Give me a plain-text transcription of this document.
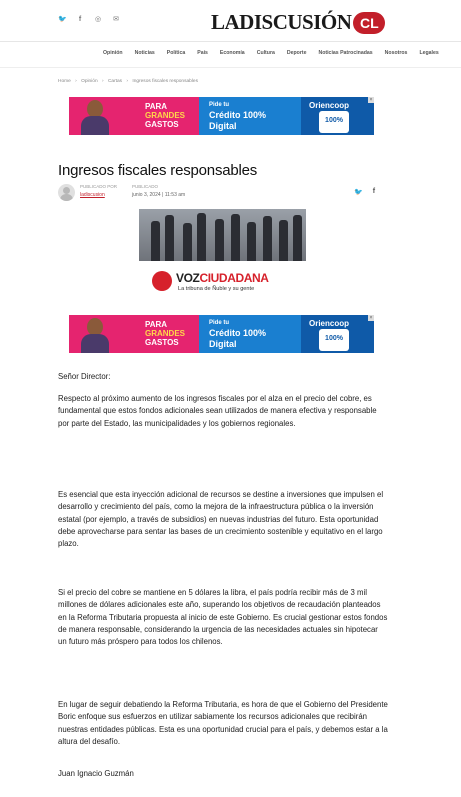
🐦	f	◎ ✉	LADISCUSIÓN CL
Opinión Noticias Política País Economía Cultura Deporte Noticias Patrocinadas Nosotros Legales
Home › Opinión › Cartas › Ingresos fiscales responsables
PARA
GRANDES
GASTOS
Pide tu
Crédito 100%
Digital
Oriencoop
100%
×
Ingresos fiscales responsables
PUBLICADO POR
ladiscusion
PUBLICADO
junio 3, 2024 | 11:53 am	🐦 f
VOZCIUDADANA
La tribuna de Ñuble y su gente
PARA
GRANDES
GASTOS
Pide tu
Crédito 100%
Digital
Oriencoop
100%
×

Señor Director:

Respecto al próximo aumento de los ingresos fiscales por el alza en el precio del cobre, es fundamental que estos fondos adicionales sean utilizados de manera efectiva y responsable por parte del Estado, las municipalidades y los gobiernos regionales.

Es esencial que esta inyección adicional de recursos se destine a inversiones que impulsen el desarrollo y crecimiento del país, como la mejora de la infraestructura pública o la inversión estatal (por ejemplo, a través de subsidios) en nuevas industrias del futuro. Esta oportunidad debe aprovecharse para sentar las bases de un crecimiento sostenible y equitativo en el largo plazo.

Si el precio del cobre se mantiene en 5 dólares la libra, el país podría recibir más de 3 mil millones de dólares adicionales este año, superando los objetivos de recaudación planteados en la Reforma Tributaria propuesta al inicio de este Gobierno. Es crucial gestionar estos fondos de manera responsable, considerando la urgencia de las necesidades actuales sin hipotecar un futuro más próspero para todos los chilenos.

En lugar de seguir debatiendo la Reforma Tributaria, es hora de que el Gobierno del Presidente Boric enfoque sus esfuerzos en utilizar sabiamente los recursos adicionales que recibirán nuestras entidades públicas. Esta es una oportunidad crucial para el país, y debemos estar a la altura del desafío.

Juan Ignacio Guzmán
